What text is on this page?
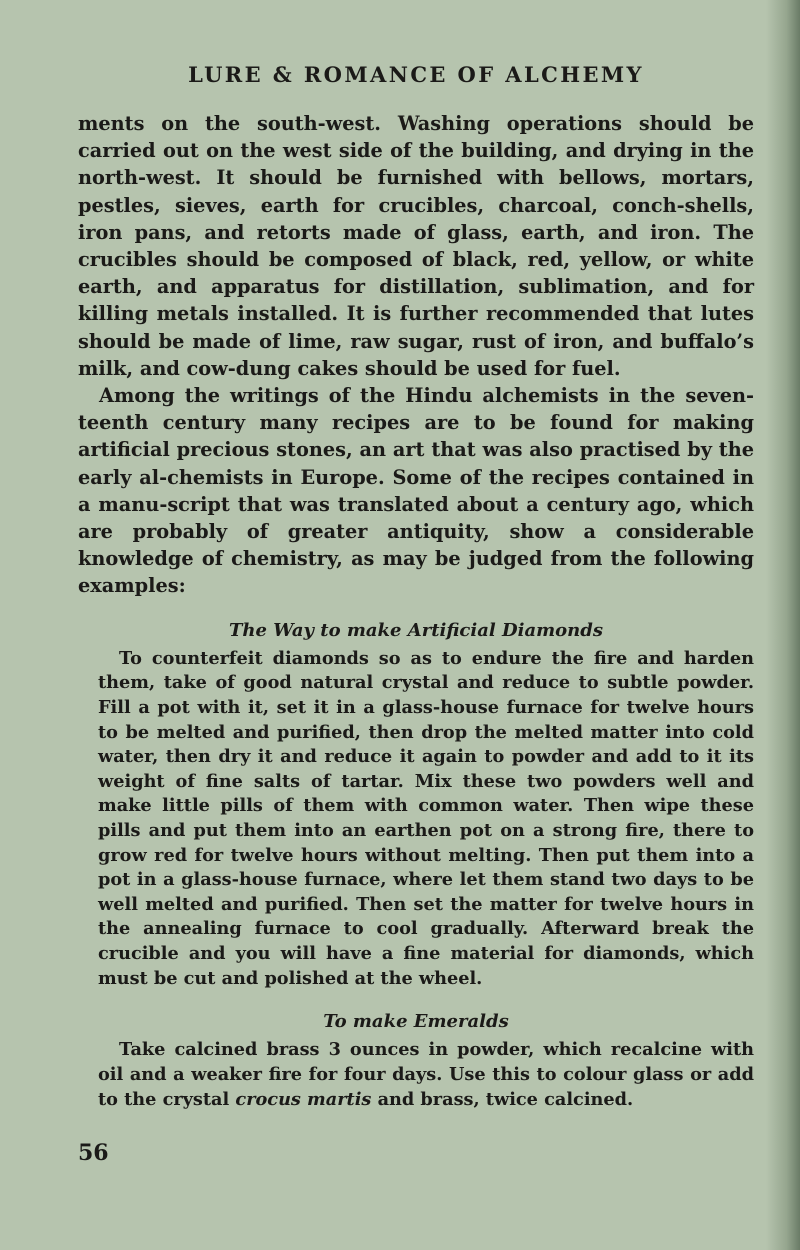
LURE & ROMANCE OF ALCHEMY

ments on the south-west. Washing operations should be carried out on the west side of the building, and drying in the north-west. It should be furnished with bellows, mortars, pestles, sieves, earth for crucibles, charcoal, conch-shells, iron pans, and retorts made of glass, earth, and iron. The crucibles should be composed of black, red, yellow, or white earth, and apparatus for distillation, sublimation, and for killing metals installed. It is further recommended that lutes should be made of lime, raw sugar, rust of iron, and buffalo’s milk, and cow-dung cakes should be used for fuel.

Among the writings of the Hindu alchemists in the seven-teenth century many recipes are to be found for making artificial precious stones, an art that was also practised by the early al-chemists in Europe. Some of the recipes contained in a manu-script that was translated about a century ago, which are probably of greater antiquity, show a considerable knowledge of chemistry, as may be judged from the following examples:

The Way to make Artificial Diamonds

To counterfeit diamonds so as to endure the fire and harden them, take of good natural crystal and reduce to subtle powder. Fill a pot with it, set it in a glass-house furnace for twelve hours to be melted and purified, then drop the melted matter into cold water, then dry it and reduce it again to powder and add to it its weight of fine salts of tartar. Mix these two powders well and make little pills of them with common water. Then wipe these pills and put them into an earthen pot on a strong fire, there to grow red for twelve hours without melting. Then put them into a pot in a glass-house furnace, where let them stand two days to be well melted and purified. Then set the matter for twelve hours in the annealing furnace to cool gradually. Afterward break the crucible and you will have a fine material for diamonds, which must be cut and polished at the wheel.

To make Emeralds

Take calcined brass 3 ounces in powder, which recalcine with oil and a weaker fire for four days. Use this to colour glass or add to the crystal crocus martis and brass, twice calcined.

56
